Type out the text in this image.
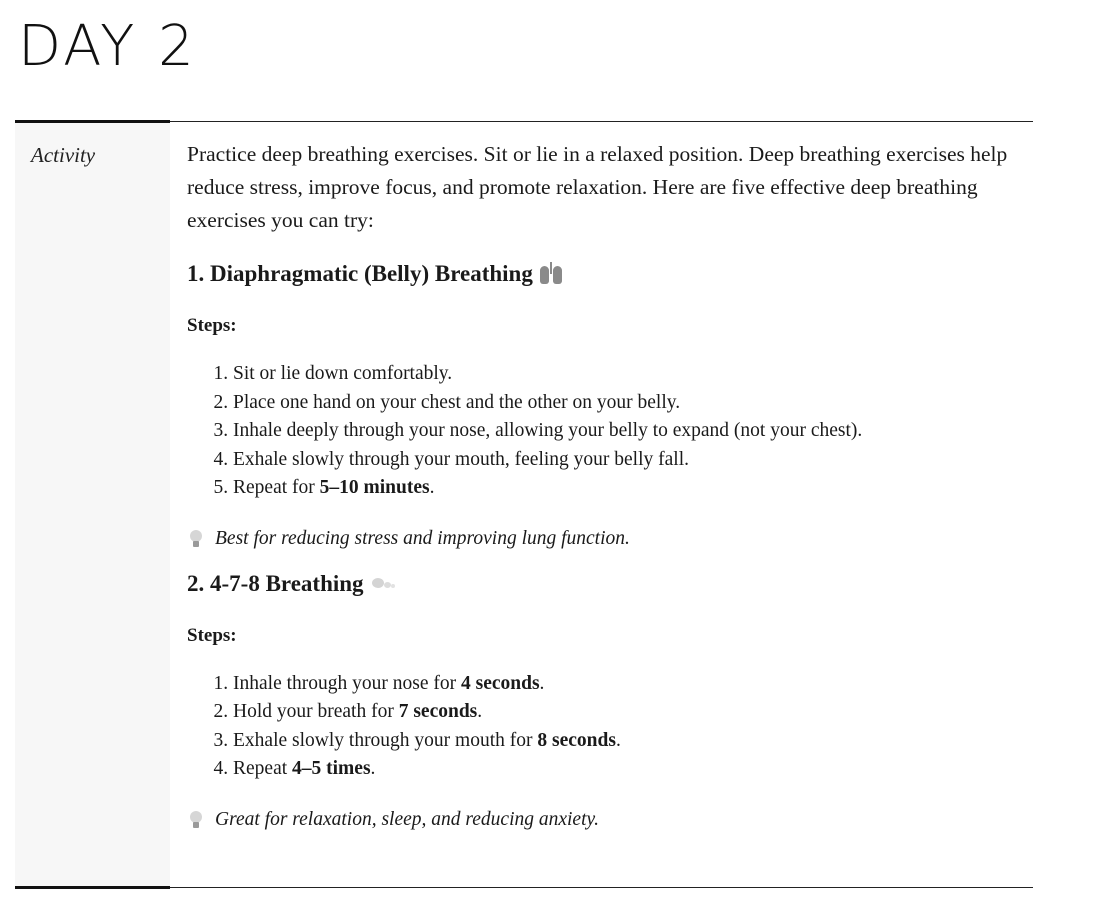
DAY 2
Activity	Practice deep breathing exercises. Sit or lie in a relaxed position. Deep breathing exercises help reduce stress, improve focus, and promote relaxation. Here are five effective deep breathing exercises you can try:

1. Diaphragmatic (Belly) Breathing
Steps:
1. Sit or lie down comfortably.
2. Place one hand on your chest and the other on your belly.
3. Inhale deeply through your nose, allowing your belly to expand (not your chest).
4. Exhale slowly through your mouth, feeling your belly fall.
5. Repeat for 5–10 minutes.
Best for reducing stress and improving lung function.
2. 4-7-8 Breathing
Steps:
1. Inhale through your nose for 4 seconds.
2. Hold your breath for 7 seconds.
3. Exhale slowly through your mouth for 8 seconds.
4. Repeat 4–5 times.
Great for relaxation, sleep, and reducing anxiety.
